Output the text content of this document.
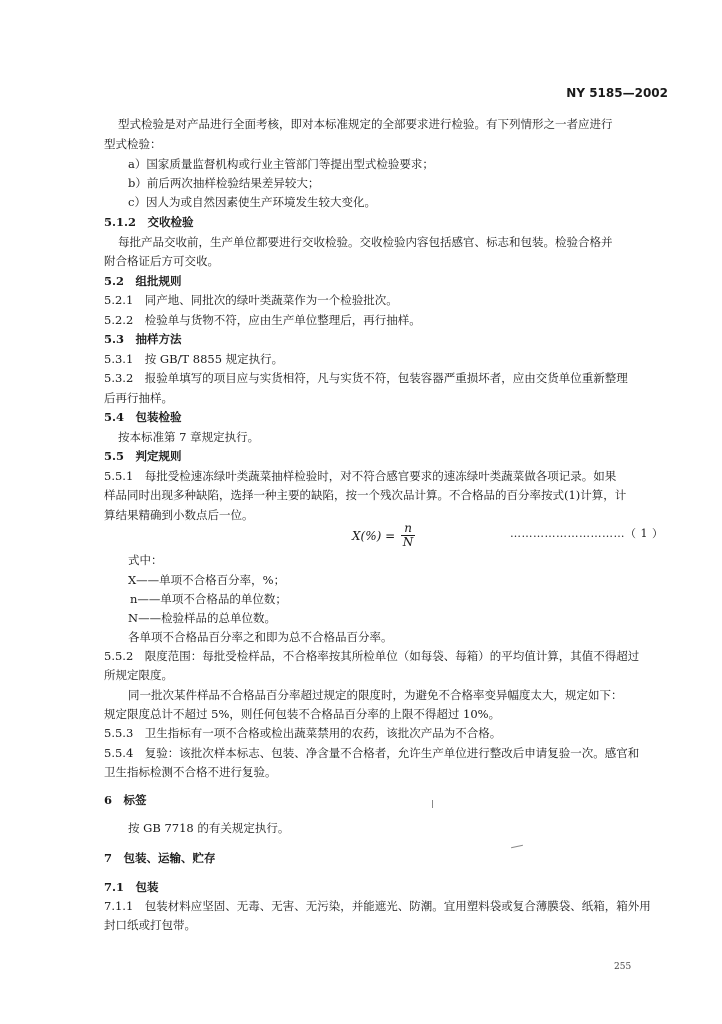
NY 5185—2002
型式检验是对产品进行全面考核，即对本标准规定的全部要求进行检验。有下列情形之一者应进行
型式检验：
a）国家质量监督机构或行业主管部门等提出型式检验要求；
b）前后两次抽样检验结果差异较大；
c）因人为或自然因素使生产环境发生较大变化。
5.1.2　交收检验
每批产品交收前，生产单位都要进行交收检验。交收检验内容包括感官、标志和包装。检验合格并
附合格证后方可交收。
5.2　组批规则
5.2.1　同产地、同批次的绿叶类蔬菜作为一个检验批次。
5.2.2　检验单与货物不符，应由生产单位整理后，再行抽样。
5.3　抽样方法
5.3.1　按 GB/T 8855 规定执行。
5.3.2　报验单填写的项目应与实货相符，凡与实货不符，包装容器严重损坏者，应由交货单位重新整理
后再行抽样。
5.4　包装检验
按本标准第 7 章规定执行。
5.5　判定规则
5.5.1　每批受检速冻绿叶类蔬菜抽样检验时，对不符合感官要求的速冻绿叶类蔬菜做各项记录。如果
样品同时出现多种缺陷，选择一种主要的缺陷，按一个残次品计算。不合格品的百分率按式(1)计算，计
算结果精确到小数点后一位。
$X(\%) = \frac{n}{N}$	…………………………（ 1 ）
式中：
X——单项不合格百分率，%；
n——单项不合格品的单位数；
N——检验样品的总单位数。
各单项不合格品百分率之和即为总不合格品百分率。
5.5.2　限度范围：每批受检样品，不合格率按其所检单位（如每袋、每箱）的平均值计算，其值不得超过
所规定限度。
同一批次某件样品不合格品百分率超过规定的限度时，为避免不合格率变异幅度太大，规定如下：
规定限度总计不超过 5%，则任何包装不合格品百分率的上限不得超过 10%。
5.5.3　卫生指标有一项不合格或检出蔬菜禁用的农药，该批次产品为不合格。
5.5.4　复验：该批次样本标志、包装、净含量不合格者，允许生产单位进行整改后申请复验一次。感官和
卫生指标检测不合格不进行复验。
6　标签
按 GB 7718 的有关规定执行。
7　包装、运输、贮存
7.1　包装
7.1.1　包装材料应坚固、无毒、无害、无污染，并能遮光、防潮。宜用塑料袋或复合薄膜袋、纸箱，箱外用
封口纸或打包带。
255
